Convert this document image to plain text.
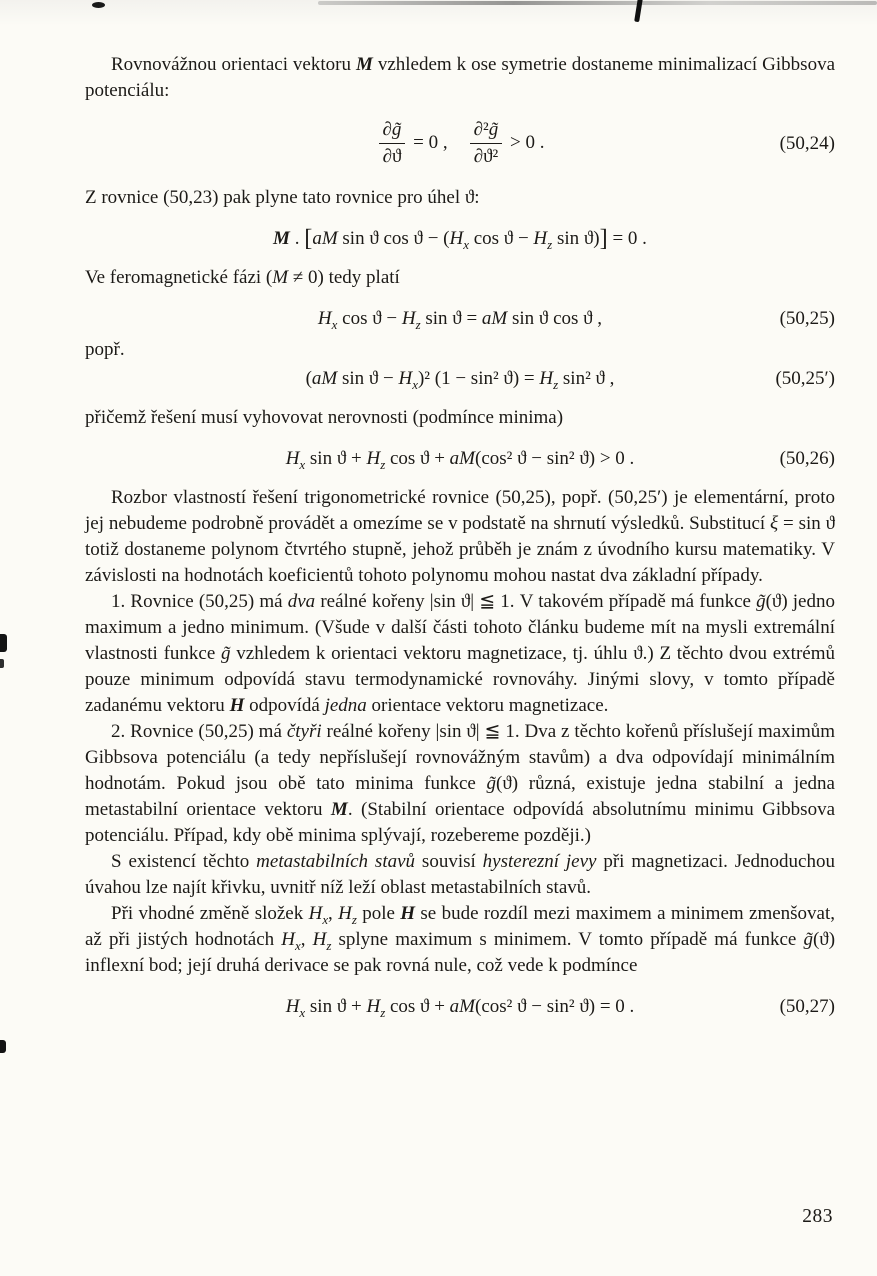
Rovnovážnou orientaci vektoru M vzhledem k ose symetrie dostaneme minimalizací Gibbsova potenciálu:

$\frac{\partial g̃}{\partial ϑ} = 0$ ,  $\frac{\text{∂²g̃}}{\text{∂ϑ²}} > 0$ .	(50,24)

Z rovnice (50,23) pak plyne tato rovnice pro úhel ϑ:

M . [aM sin ϑ $\cos ϑ - (H_x$ $\cos ϑ - H_z$ sin ϑ)] = 0 .

Ve feromagnetické fázi (M ≠ 0) tedy platí

$H_x$ $\cos ϑ - H_z$ sin ϑ = aM sin ϑ cos ϑ ,	(50,25)

popř.

(aM $\sin ϑ - H_x)^2$ (1 − sin² $ϑ) = H_z$ sin² ϑ ,	(50,25′)

přičemž řešení musí vyhovovat nerovnosti (podmínce minima)

$H_x$ $\sin ϑ + H_z$ cos ϑ + aM(cos² ϑ − sin² ϑ) > 0 .	(50,26)

Rozbor vlastností řešení trigonometrické rovnice (50,25), popř. (50,25′) je elementární, proto jej nebudeme podrobně provádět a omezíme se v podstatě na shrnutí výsledků. Substitucí ξ = sin ϑ totiž dostaneme polynom čtvrtého stupně, jehož průběh je znám z úvodního kursu matematiky. V závislosti na hodnotách koeficientů tohoto polynomu mohou nastat dva základní případy.

1. Rovnice (50,25) má dva reálné kořeny |sin ϑ| ≦ 1. V takovém případě má funkce g̃(ϑ) jedno maximum a jedno minimum. (Všude v další části tohoto článku budeme mít na mysli extremální vlastnosti funkce g̃ vzhledem k orientaci vektoru magnetizace, tj. úhlu ϑ.) Z těchto dvou extrémů pouze minimum odpovídá stavu termodynamické rovnováhy. Jinými slovy, v tomto případě zadanému vektoru H odpovídá jedna orientace vektoru magnetizace.

2. Rovnice (50,25) má čtyři reálné kořeny |sin ϑ| ≦ 1. Dva z těchto kořenů příslušejí maximům Gibbsova potenciálu (a tedy nepříslušejí rovnovážným stavům) a dva odpovídají minimálním hodnotám. Pokud jsou obě tato minima funkce g̃(ϑ) různá, existuje jedna stabilní a jedna metastabilní orientace vektoru M. (Stabilní orientace odpovídá absolutnímu minimu Gibbsova potenciálu. Případ, kdy obě minima splývají, rozebereme později.)

S existencí těchto metastabilních stavů souvisí hysterezní jevy při magnetizaci. Jednoduchou úvahou lze najít křivku, uvnitř níž leží oblast metastabilních stavů.

Při vhodné změně složek $H_x$, $H_z$ pole H se bude rozdíl mezi maximem a minimem zmenšovat, až při jistých hodnotách $H_x$, $H_z$ splyne maximum s minimem. V tomto případě má funkce g̃(ϑ) inflexní bod; její druhá derivace se pak rovná nule, což vede k podmínce

$H_x$ $\sin ϑ + H_z$ cos ϑ + aM(cos² ϑ − sin² ϑ) = 0 .	(50,27)
283
